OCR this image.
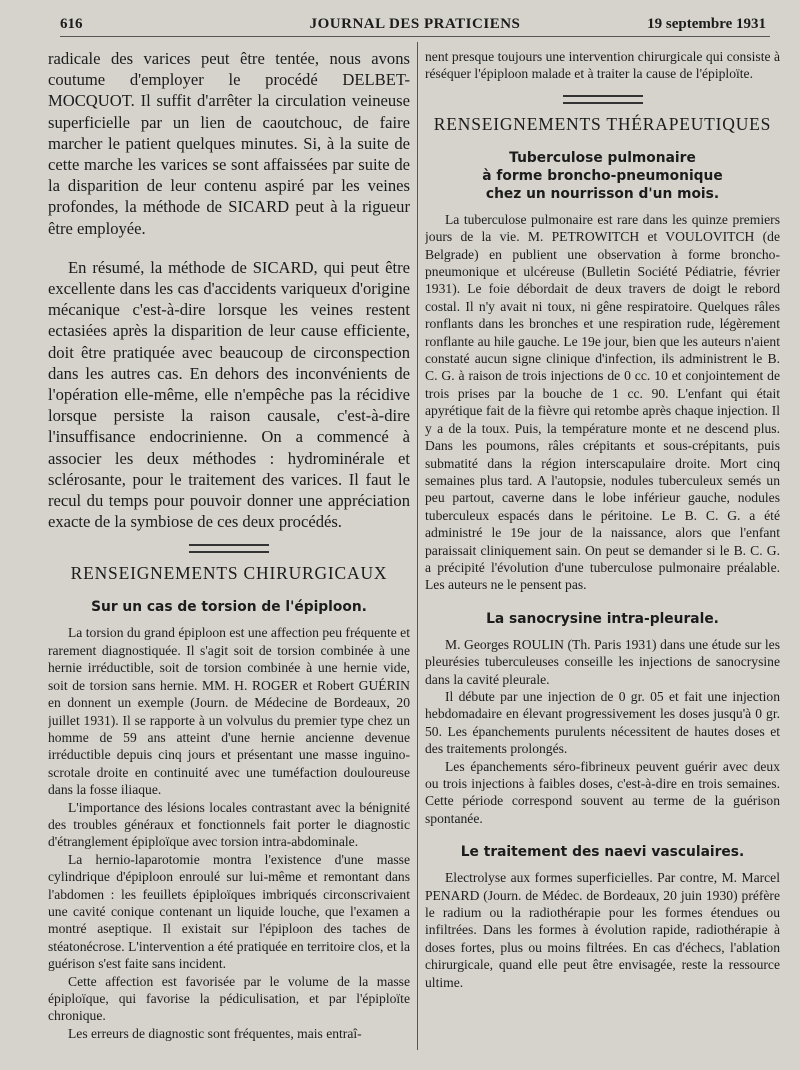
616	JOURNAL DES PRATICIENS	19 septembre 1931

radicale des varices peut être tentée, nous avons coutume d'employer le procédé DELBET-MOCQUOT. Il suffit d'arrêter la circulation veineuse superficielle par un lien de caoutchouc, de faire marcher le patient quelques minutes. Si, à la suite de cette marche les varices se sont affaissées par suite de la disparition de leur contenu aspiré par les veines profondes, la méthode de SICARD peut à la rigueur être employée.

En résumé, la méthode de SICARD, qui peut être excellente dans les cas d'accidents variqueux d'origine mécanique c'est-à-dire lorsque les veines restent ectasiées après la disparition de leur cause efficiente, doit être pratiquée avec beaucoup de circonspection dans les autres cas. En dehors des inconvénients de l'opération elle-même, elle n'empêche pas la récidive lorsque persiste la raison causale, c'est-à-dire l'insuffisance endocrinienne. On a commencé à associer les deux méthodes : hydrominérale et sclérosante, pour le traitement des varices. Il faut le recul du temps pour pouvoir donner une appréciation exacte de la symbiose de ces deux procédés.

RENSEIGNEMENTS CHIRURGICAUX
Sur un cas de torsion de l'épiploon.

La torsion du grand épiploon est une affection peu fréquente et rarement diagnostiquée. Il s'agit soit de torsion combinée à une hernie irréductible, soit de torsion combinée à une hernie vide, soit de torsion sans hernie. MM. H. ROGER et Robert GUÉRIN en donnent un exemple (Journ. de Médecine de Bordeaux, 20 juillet 1931). Il se rapporte à un volvulus du premier type chez un homme de 59 ans atteint d'une hernie ancienne devenue irréductible depuis cinq jours et présentant une masse inguino-scrotale droite en continuité avec une tuméfaction douloureuse dans la fosse iliaque.

L'importance des lésions locales contrastant avec la bénignité des troubles généraux et fonctionnels fait porter le diagnostic d'étranglement épiploïque avec torsion intra-abdominale.

La hernio-laparotomie montra l'existence d'une masse cylindrique d'épiploon enroulé sur lui-même et remontant dans l'abdomen : les feuillets épiploïques imbriqués circonscrivaient une cavité conique contenant un liquide louche, que l'examen a montré aseptique. Il existait sur l'épiploon des taches de stéatonécrose. L'intervention a été pratiquée en territoire clos, et la guérison s'est faite sans incident.

Cette affection est favorisée par le volume de la masse épiploïque, qui favorise la pédiculisation, et par l'épiploïte chronique.

Les erreurs de diagnostic sont fréquentes, mais entraî-

nent presque toujours une intervention chirurgicale qui consiste à réséquer l'épiploon malade et à traiter la cause de l'épiploïte.

RENSEIGNEMENTS THÉRAPEUTIQUES
Tuberculose pulmonaire
à forme broncho-pneumonique
chez un nourrisson d'un mois.

La tuberculose pulmonaire est rare dans les quinze premiers jours de la vie. M. PETROWITCH et VOULOVITCH (de Belgrade) en publient une observation à forme broncho-pneumonique et ulcéreuse (Bulletin Société Pédiatrie, février 1931). Le foie débordait de deux travers de doigt le rebord costal. Il n'y avait ni toux, ni gêne respiratoire. Quelques râles ronflants dans les bronches et une respiration rude, légèrement ronflante au hile gauche. Le 19e jour, bien que les auteurs n'aient constaté aucun signe clinique d'infection, ils administrent le B. C. G. à raison de trois injections de 0 cc. 10 et conjointement de trois prises par la bouche de 1 cc. 90. L'enfant qui était apyrétique fait de la fièvre qui retombe après chaque injection. Il y a de la toux. Puis, la température monte et ne descend plus. Dans les poumons, râles crépitants et sous-crépitants, puis submatité dans la région interscapulaire droite. Mort cinq semaines plus tard. A l'autopsie, nodules tuberculeux semés un peu partout, caverne dans le lobe inférieur gauche, nodules tuberculeux espacés dans le péritoine. Le B. C. G. a été administré le 19e jour de la naissance, alors que l'enfant paraissait cliniquement sain. On peut se demander si le B. C. G. a précipité l'évolution d'une tuberculose pulmonaire préalable. Les auteurs ne le pensent pas.

La sanocrysine intra-pleurale.

M. Georges ROULIN (Th. Paris 1931) dans une étude sur les pleurésies tuberculeuses conseille les injections de sanocrysine dans la cavité pleurale.

Il débute par une injection de 0 gr. 05 et fait une injection hebdomadaire en élevant progressivement les doses jusqu'à 0 gr. 50. Les épanchements purulents nécessitent de hautes doses et des traitements prolongés.

Les épanchements séro-fibrineux peuvent guérir avec deux ou trois injections à faibles doses, c'est-à-dire en trois semaines. Cette période correspond souvent au terme de la guérison spontanée.

Le traitement des naevi vasculaires.

Electrolyse aux formes superficielles. Par contre, M. Marcel PENARD (Journ. de Médec. de Bordeaux, 20 juin 1930) préfère le radium ou la radiothérapie pour les formes étendues ou infiltrées. Dans les formes à évolution rapide, radiothérapie à doses fortes, plus ou moins filtrées. En cas d'échecs, l'ablation chirurgicale, quand elle peut être envisagée, reste la ressource ultime.
